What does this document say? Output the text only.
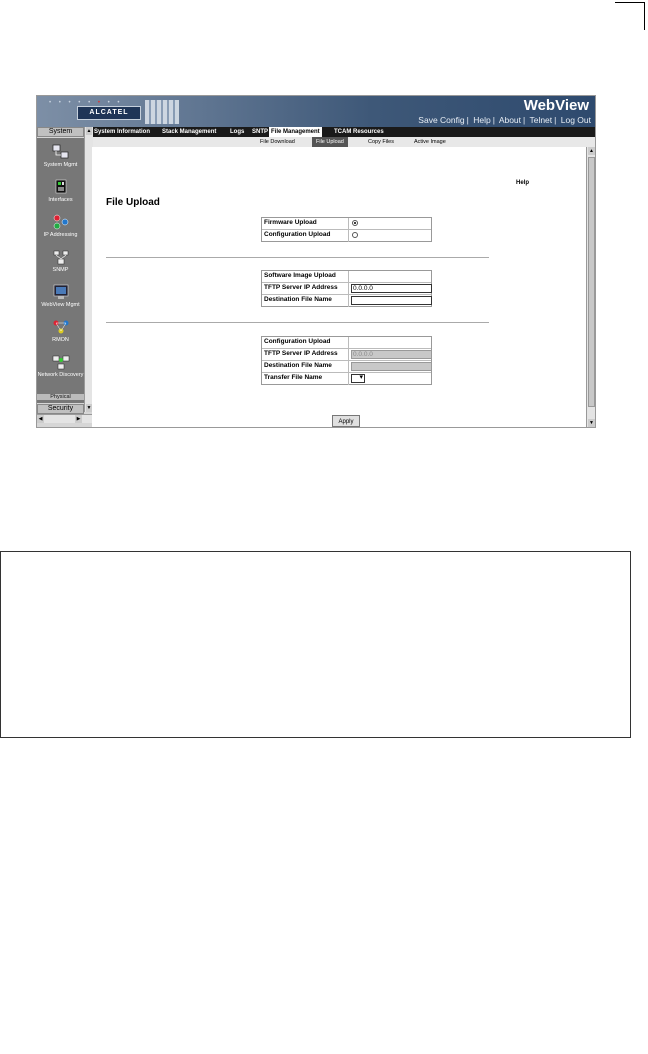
• • • • • • • •
ALCATEL	WebView
Save Config | Help | About | Telnet | Log Out
System Information Stack Management Logs SNTP File Management	TCAM Resources
File Download	File Upload	Copy Files	Active Image
System
System Mgmt
Interfaces
IP Addressing
SNMP
WebView Mgmt
RMON
Network Discovery
Physical
▲
▼
Security
◀	▶
Help
File Upload
Firmware Upload
Configuration Upload
Software Image Upload
TFTP Server IP Address	0.0.0.0
Destination File Name
Configuration Upload
TFTP Server IP Address	0.0.0.0
Destination File Name
Transfer File Name
▾
Apply
▲
▼
